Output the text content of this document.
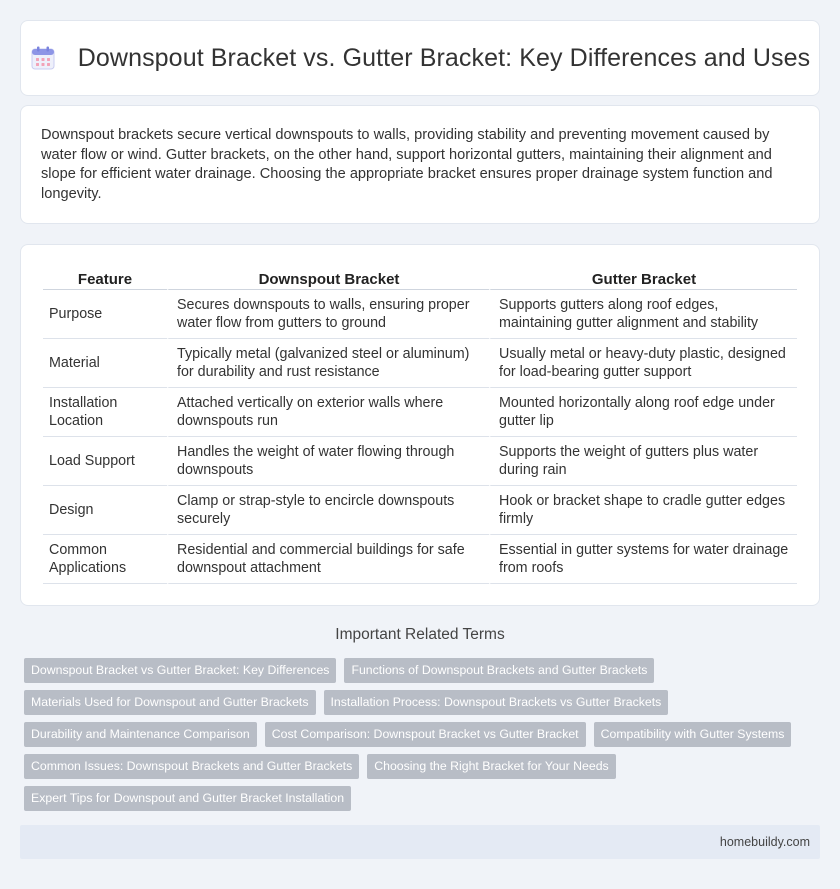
Downspout Bracket vs. Gutter Bracket: Key Differences and Uses

Downspout brackets secure vertical downspouts to walls, providing stability and preventing movement caused by water flow or wind. Gutter brackets, on the other hand, support horizontal gutters, maintaining their alignment and slope for efficient water drainage. Choosing the appropriate bracket ensures proper drainage system function and longevity.

Feature	Downspout Bracket	Gutter Bracket
Purpose	Secures downspouts to walls, ensuring proper water flow from gutters to ground	Supports gutters along roof edges, maintaining gutter alignment and stability
Material	Typically metal (galvanized steel or aluminum) for durability and rust resistance	Usually metal or heavy-duty plastic, designed for load-bearing gutter support
Installation Location	Attached vertically on exterior walls where downspouts run	Mounted horizontally along roof edge under gutter lip
Load Support	Handles the weight of water flowing through downspouts	Supports the weight of gutters plus water during rain
Design	Clamp or strap-style to encircle downspouts securely	Hook or bracket shape to cradle gutter edges firmly
Common Applications	Residential and commercial buildings for safe downspout attachment	Essential in gutter systems for water drainage from roofs
Important Related Terms
Downspout Bracket vs Gutter Bracket: Key Differences	Functions of Downspout Brackets and Gutter Brackets
Materials Used for Downspout and Gutter Brackets	Installation Process: Downspout Brackets vs Gutter Brackets
Durability and Maintenance Comparison	Cost Comparison: Downspout Bracket vs Gutter Bracket	Compatibility with Gutter Systems
Common Issues: Downspout Brackets and Gutter Brackets	Choosing the Right Bracket for Your Needs
Expert Tips for Downspout and Gutter Bracket Installation
homebuildy.com
